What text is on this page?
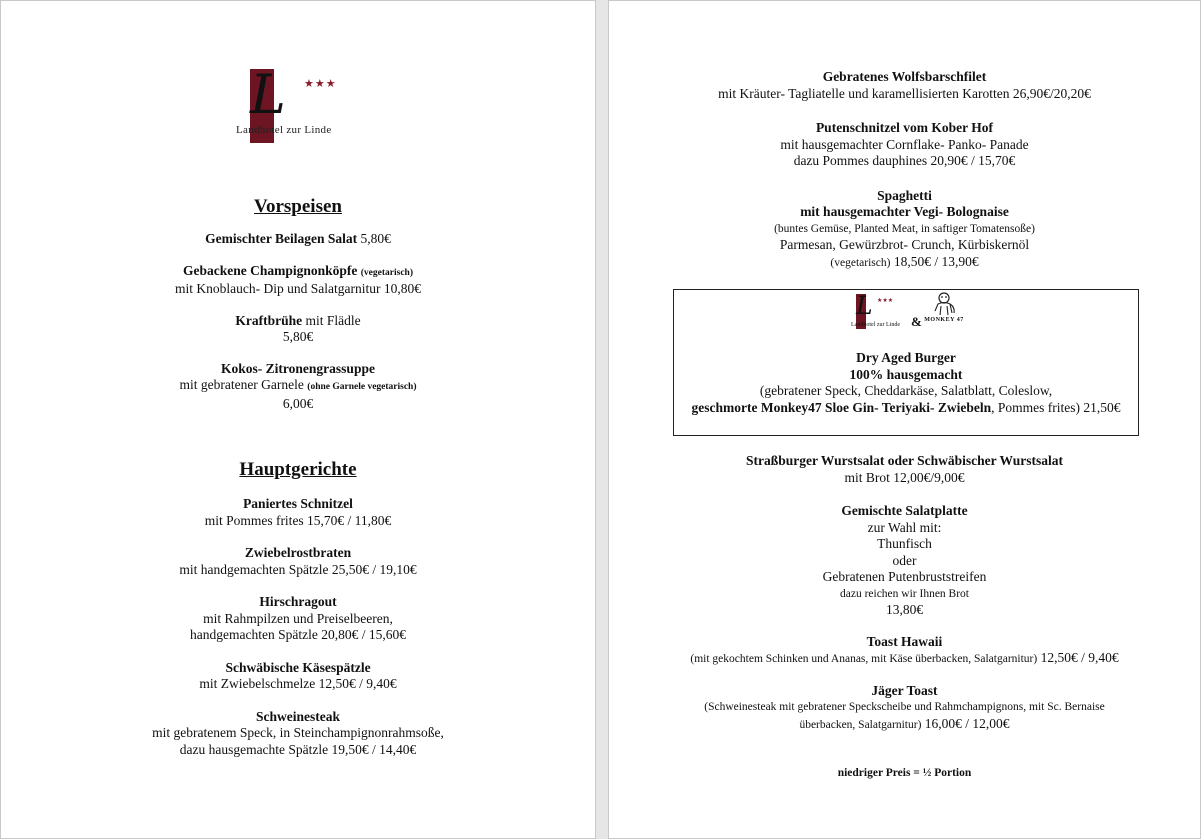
L ★★★
Landhotel zur Linde
Vorspeisen

Gemischter Beilagen Salat 5,80€

Gebackene Champignonköpfe (vegetarisch)

mit Knoblauch- Dip und Salatgarnitur 10,80€

Kraftbrühe mit Flädle

5,80€

Kokos- Zitronengrassuppe

mit gebratener Garnele (ohne Garnele vegetarisch)

6,00€

Hauptgerichte

Paniertes Schnitzel

mit Pommes frites 15,70€ / 11,80€

Zwiebelrostbraten

mit handgemachten Spätzle 25,50€ / 19,10€

Hirschragout

mit Rahmpilzen und Preiselbeeren,

handgemachten Spätzle 20,80€ / 15,60€

Schwäbische Käsespätzle

mit Zwiebelschmelze 12,50€ / 9,40€

Schweinesteak

mit gebratenem Speck, in Steinchampignonrahmsoße,

dazu hausgemachte Spätzle 19,50€ / 14,40€

Gebratenes Wolfsbarschfilet

mit Kräuter- Tagliatelle und karamellisierten Karotten 26,90€/20,20€

Putenschnitzel vom Kober Hof

mit hausgemachter Cornflake- Panko- Panade

dazu Pommes dauphines 20,90€ / 15,70€

Spaghetti

mit hausgemachter Vegi- Bolognaise

(buntes Gemüse, Planted Meat, in saftiger Tomatensoße)

Parmesan, Gewürzbrot- Crunch, Kürbiskernöl

(vegetarisch) 18,50€ / 13,90€

L ★★★
Landhotel zur Linde & MONKEY 47

Dry Aged Burger

100% hausgemacht

(gebratener Speck, Cheddarkäse, Salatblatt, Coleslow,

geschmorte Monkey47 Sloe Gin- Teriyaki- Zwiebeln, Pommes frites) 21,50€

Straßburger Wurstsalat oder Schwäbischer Wurstsalat

mit Brot 12,00€/9,00€

Gemischte Salatplatte

zur Wahl mit:

Thunfisch

oder

Gebratenen Putenbruststreifen

dazu reichen wir Ihnen Brot

13,80€

Toast Hawaii

(mit gekochtem Schinken und Ananas, mit Käse überbacken, Salatgarnitur) 12,50€ / 9,40€

Jäger Toast

(Schweinesteak mit gebratener Speckscheibe und Rahmchampignons, mit Sc. Bernaise

überbacken, Salatgarnitur) 16,00€ / 12,00€

niedriger Preis = ½ Portion
